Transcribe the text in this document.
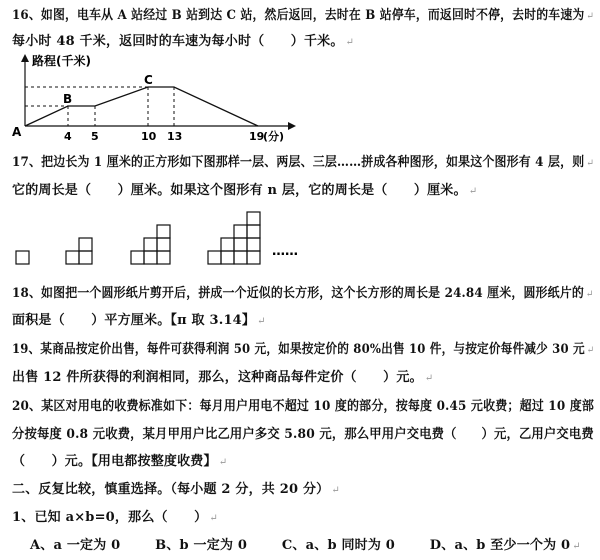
16、如图，电车从 A 站经过 B 站到达 C 站，然后返回，去时在 B 站停车，而返回时不停，去时的车速为 ↵
每小时 48 千米，返回时的车速为每小时（　　）千米。 ↵
路程(千米)
A
B
C
4 5	10 13	19
(分)
17、把边长为 1 厘米的正方形如下图那样一层、两层、三层……拼成各种图形，如果这个图形有 4 层，则 ↵
它的周长是（　　）厘米。如果这个图形有 n 层，它的周长是（　　）厘米。 ↵
……
18、如图把一个圆形纸片剪开后，拼成一个近似的长方形，这个长方形的周长是 24.84 厘米，圆形纸片的 ↵
面积是（　　）平方厘米。【π 取 3.14】 ↵
19、某商品按定价出售，每件可获得利润 50 元，如果按定价的 80%出售 10 件，与按定价每件减少 30 元 ↵
出售 12 件所获得的利润相同，那么，这种商品每件定价（　　）元。 ↵
20、某区对用电的收费标准如下：每月用户用电不超过 10 度的部分，按每度 0.45 元收费；超过 10 度部
分按每度 0.8 元收费，某月甲用户比乙用户多交 5.80 元，那么甲用户交电费（　　）元，乙用户交电费
（　　）元。【用电都按整度收费】 ↵
二、反复比较，慎重选择。（每小题 2 分，共 20 分） ↵
1、已知 a×b=0，那么（　　） ↵
A、a 一定为 0	B、b 一定为 0	C、a、b 同时为 0	D、a、b 至少一个为 0 ↵
